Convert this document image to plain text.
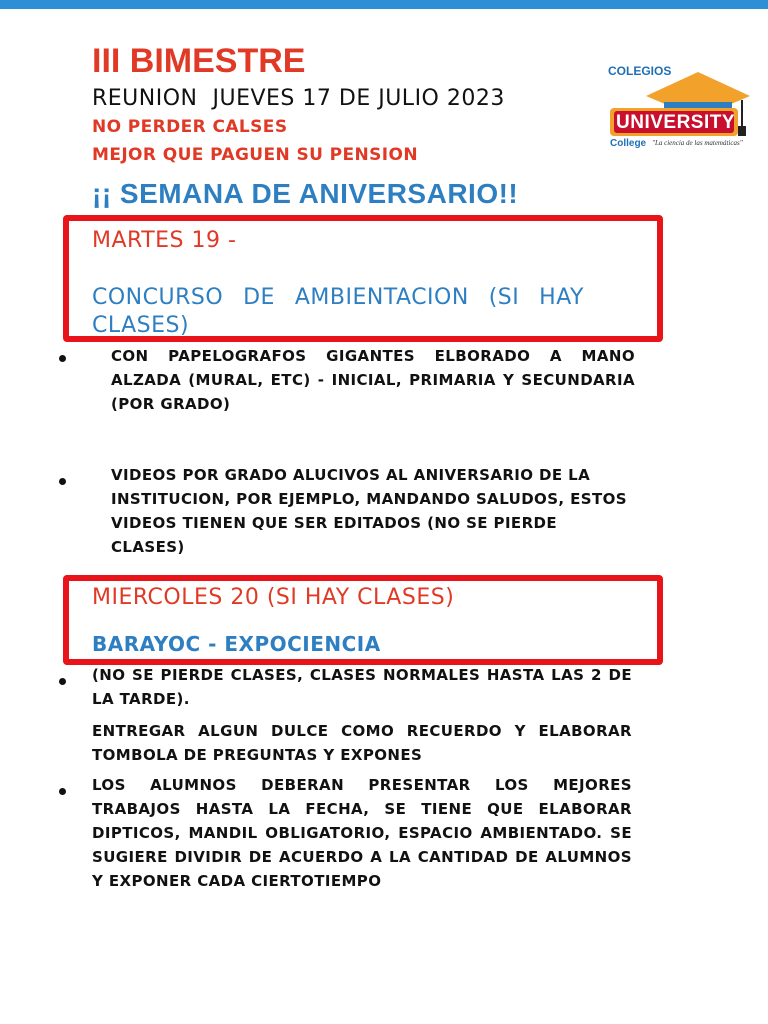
III BIMESTRE
REUNION  JUEVES 17 DE JULIO 2023
NO PERDER CALSES
MEJOR QUE PAGUEN SU PENSION
COLEGIOS
UNIVERSITY
College "La ciencia de las matemáticas"
¡¡ SEMANA DE ANIVERSARIO!!
MARTES 19 -
CONCURSO DE AMBIENTACION (SI HAY CLASES)
CON PAPELOGRAFOS GIGANTES ELBORADO A MANO ALZADA (MURAL, ETC) - INICIAL, PRIMARIA Y SECUNDARIA (POR GRADO)
VIDEOS POR GRADO ALUCIVOS AL ANIVERSARIO DE LA INSTITUCION, POR EJEMPLO, MANDANDO SALUDOS, ESTOS VIDEOS TIENEN QUE SER EDITADOS (NO SE PIERDE CLASES)
MIERCOLES 20 (SI HAY CLASES)
BARAYOC - EXPOCIENCIA
(NO SE PIERDE CLASES, CLASES NORMALES HASTA LAS 2 DE LA TARDE).
ENTREGAR ALGUN DULCE COMO RECUERDO Y ELABORAR TOMBOLA DE PREGUNTAS Y EXPONES
LOS ALUMNOS DEBERAN PRESENTAR LOS MEJORES TRABAJOS HASTA LA FECHA, SE TIENE QUE ELABORAR DIPTICOS, MANDIL OBLIGATORIO, ESPACIO AMBIENTADO. SE SUGIERE DIVIDIR DE ACUERDO A LA CANTIDAD DE ALUMNOS Y EXPONER CADA CIERTOTIEMPO
